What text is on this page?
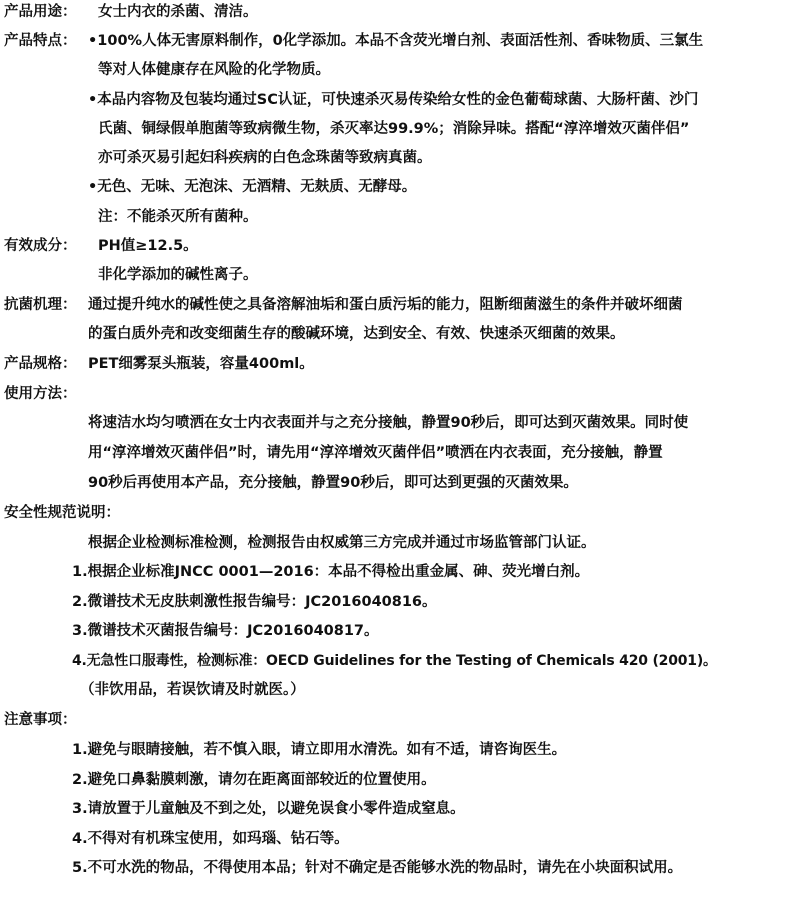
产品用途： 女士内衣的杀菌、清洁。
产品特点： •100%人体无害原料制作，0化学添加。本品不含荧光增白剂、表面活性剂、香味物质、三氯生
等对人体健康存在风险的化学物质。
•本品内容物及包装均通过SC认证，可快速杀灭易传染给女性的金色葡萄球菌、大肠杆菌、沙门
氏菌、铜绿假单胞菌等致病微生物，杀灭率达99.9%；消除异味。搭配“淳淬增效灭菌伴侣”
亦可杀灭易引起妇科疾病的白色念珠菌等致病真菌。
•无色、无味、无泡沫、无酒精、无麸质、无酵母。
注：不能杀灭所有菌种。
有效成分： PH值≥12.5。
非化学添加的碱性离子。
抗菌机理： 通过提升纯水的碱性使之具备溶解油垢和蛋白质污垢的能力，阻断细菌滋生的条件并破坏细菌
的蛋白质外壳和改变细菌生存的酸碱环境，达到安全、有效、快速杀灭细菌的效果。
产品规格： PET细雾泵头瓶装，容量400ml。
使用方法：
将速洁水均匀喷洒在女士内衣表面并与之充分接触，静置90秒后，即可达到灭菌效果。同时使
用“淳淬增效灭菌伴侣”时，请先用“淳淬增效灭菌伴侣”喷洒在内衣表面，充分接触，静置
90秒后再使用本产品，充分接触，静置90秒后，即可达到更强的灭菌效果。
安全性规范说明：
根据企业检测标准检测，检测报告由权威第三方完成并通过市场监管部门认证。
1.根据企业标准JNCC 0001—2016：本品不得检出重金属、砷、荧光增白剂。
2.微谱技术无皮肤刺激性报告编号：JC2016040816。
3.微谱技术灭菌报告编号：JC2016040817。
4.无急性口服毒性，检测标准：OECD Guidelines for the Testing of Chemicals 420 (2001)。
（非饮用品，若误饮请及时就医。）
注意事项：
1.避免与眼睛接触，若不慎入眼，请立即用水清洗。如有不适，请咨询医生。
2.避免口鼻黏膜刺激，请勿在距离面部较近的位置使用。
3.请放置于儿童触及不到之处，以避免误食小零件造成窒息。
4.不得对有机珠宝使用，如玛瑙、钻石等。
5.不可水洗的物品，不得使用本品；针对不确定是否能够水洗的物品时，请先在小块面积试用。
